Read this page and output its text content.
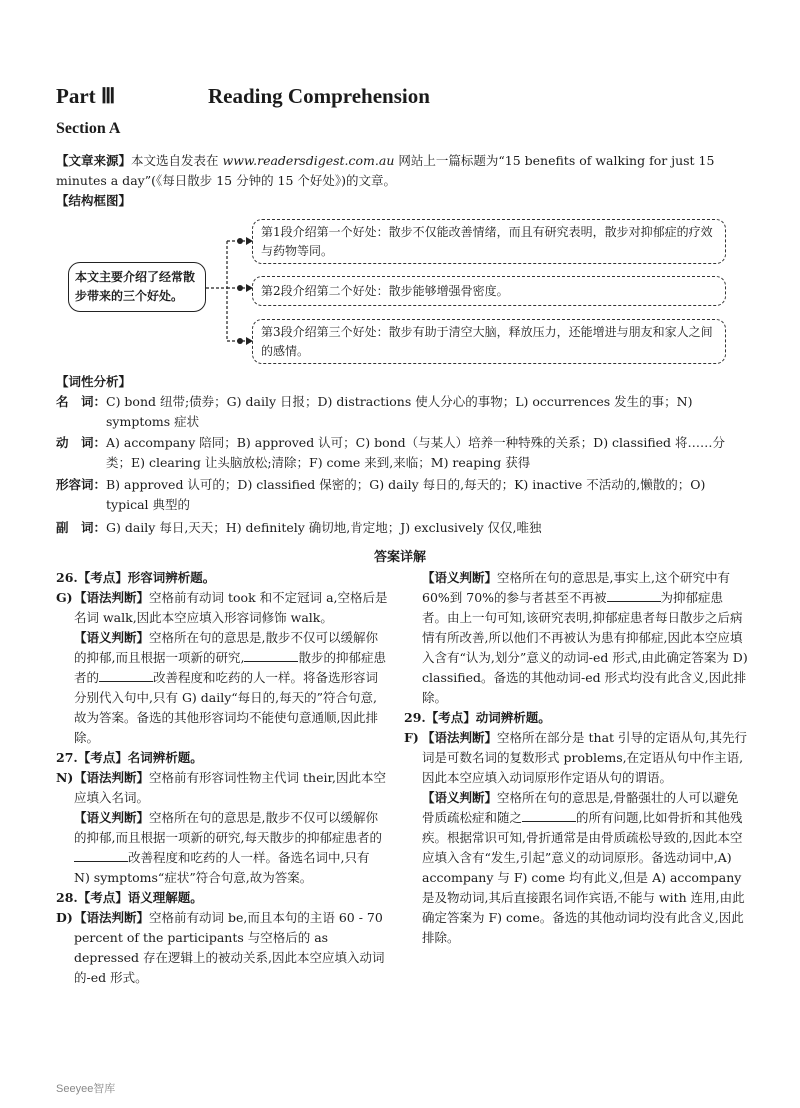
Part Ⅲ	Reading Comprehension
Section A
【文章来源】本文选自发表在 www.readersdigest.com.au 网站上一篇标题为“15 benefits of walking for just 15 minutes a day”(《每日散步 15 分钟的 15 个好处》)的文章。
【结构框图】
本文主要介绍了经常散步带来的三个好处。
第1段介绍第一个好处：散步不仅能改善情绪，而且有研究表明，散步对抑郁症的疗效与药物等同。
第2段介绍第二个好处：散步能够增强骨密度。
第3段介绍第三个好处：散步有助于清空大脑，释放压力，还能增进与朋友和家人之间的感情。
【词性分析】
名　词： C) bond 纽带;债券；G) daily 日报；D) distractions 使人分心的事物；L) occurrences 发生的事；N) symptoms 症状
动　词： A) accompany 陪同；B) approved 认可；C) bond（与某人）培养一种特殊的关系；D) classified 将……分类；E) clearing 让头脑放松;清除；F) come 来到,来临；M) reaping 获得
形容词： B) approved 认可的；D) classified 保密的；G) daily 每日的,每天的；K) inactive 不活动的,懒散的；O) typical 典型的
副　词： G) daily 每日,天天；H) definitely 确切地,肯定地；J) exclusively 仅仅,唯独
答案详解

26.【考点】形容词辨析题。

G) 【语法判断】空格前有动词 took 和不定冠词 a,空格后是名词 walk,因此本空应填入形容词修饰 walk。

【语义判断】空格所在句的意思是,散步不仅可以缓解你的抑郁,而且根据一项新的研究,	散步的抑郁症患者的	改善程度和吃药的人一样。将备选形容词分别代入句中,只有 G) daily“每日的,每天的”符合句意,故为答案。备选的其他形容词均不能使句意通顺,因此排除。

27.【考点】名词辨析题。

N) 【语法判断】空格前有形容词性物主代词 their,因此本空应填入名词。

【语义判断】空格所在句的意思是,散步不仅可以缓解你的抑郁,而且根据一项新的研究,每天散步的抑郁症患者的改善程度和吃药的人一样。备选名词中,只有 N) symptoms“症状”符合句意,故为答案。

28.【考点】语义理解题。

D) 【语法判断】空格前有动词 be,而且本句的主语 60 - 70 percent of the participants 与空格后的 as depressed 存在逻辑上的被动关系,因此本空应填入动词的-ed 形式。

【语义判断】空格所在句的意思是,事实上,这个研究中有 60%到 70%的参与者甚至不再被	为抑郁症患者。由上一句可知,该研究表明,抑郁症患者每日散步之后病情有所改善,所以他们不再被认为患有抑郁症,因此本空应填入含有“认为,划分”意义的动词-ed 形式,由此确定答案为 D) classified。备选的其他动词-ed 形式均没有此含义,因此排除。

29.【考点】动词辨析题。

F) 【语法判断】空格所在部分是 that 引导的定语从句,其先行词是可数名词的复数形式 problems,在定语从句中作主语,因此本空应填入动词原形作定语从句的谓语。

【语义判断】空格所在句的意思是,骨骼强壮的人可以避免骨质疏松症和随之	的所有问题,比如骨折和其他残疾。根据常识可知,骨折通常是由骨质疏松导致的,因此本空应填入含有“发生,引起”意义的动词原形。备选动词中,A) accompany 与 F) come 均有此义,但是 A) accompany 是及物动词,其后直接跟名词作宾语,不能与 with 连用,由此确定答案为 F) come。备选的其他动词均没有此含义,因此排除。

Seeyee智库
